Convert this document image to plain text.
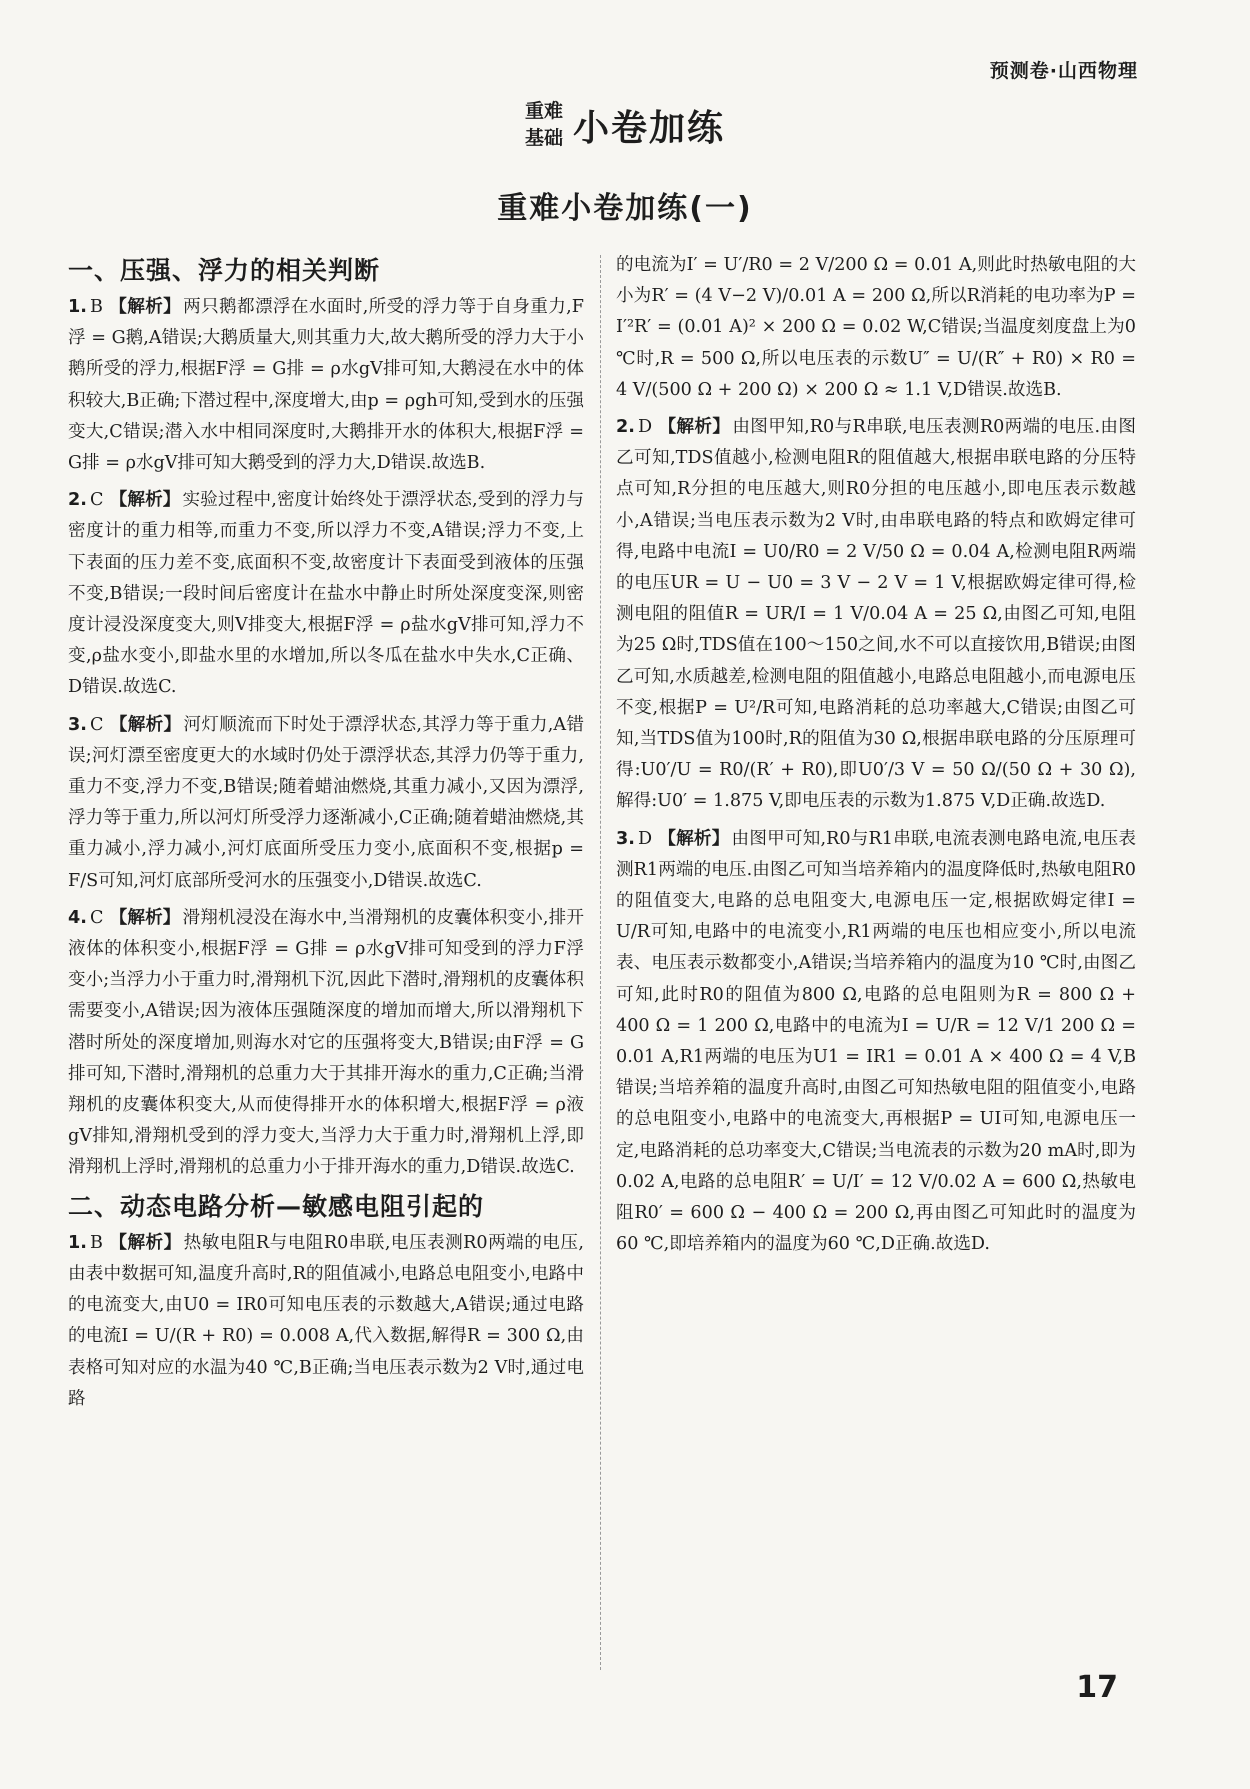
预测卷·山西物理
重难
基础 小卷加练
重难小卷加练(一)
一、压强、浮力的相关判断
1. B 【解析】 两只鹅都漂浮在水面时,所受的浮力等于自身重力,F浮 = G鹅,A错误;大鹅质量大,则其重力大,故大鹅所受的浮力大于小鹅所受的浮力,根据F浮 = G排 = ρ水gV排可知,大鹅浸在水中的体积较大,B正确;下潜过程中,深度增大,由p = ρgh可知,受到水的压强变大,C错误;潜入水中相同深度时,大鹅排开水的体积大,根据F浮 = G排 = ρ水gV排可知大鹅受到的浮力大,D错误.故选B.
2. C 【解析】 实验过程中,密度计始终处于漂浮状态,受到的浮力与密度计的重力相等,而重力不变,所以浮力不变,A错误;浮力不变,上下表面的压力差不变,底面积不变,故密度计下表面受到液体的压强不变,B错误;一段时间后密度计在盐水中静止时所处深度变深,则密度计浸没深度变大,则V排变大,根据F浮 = ρ盐水gV排可知,浮力不变,ρ盐水变小,即盐水里的水增加,所以冬瓜在盐水中失水,C正确、D错误.故选C.
3. C 【解析】 河灯顺流而下时处于漂浮状态,其浮力等于重力,A错误;河灯漂至密度更大的水域时仍处于漂浮状态,其浮力仍等于重力,重力不变,浮力不变,B错误;随着蜡油燃烧,其重力减小,又因为漂浮,浮力等于重力,所以河灯所受浮力逐渐减小,C正确;随着蜡油燃烧,其重力减小,浮力减小,河灯底面所受压力变小,底面积不变,根据p = F/S可知,河灯底部所受河水的压强变小,D错误.故选C.
4. C 【解析】 滑翔机浸没在海水中,当滑翔机的皮囊体积变小,排开液体的体积变小,根据F浮 = G排 = ρ水gV排可知受到的浮力F浮变小;当浮力小于重力时,滑翔机下沉,因此下潜时,滑翔机的皮囊体积需要变小,A错误;因为液体压强随深度的增加而增大,所以滑翔机下潜时所处的深度增加,则海水对它的压强将变大,B错误;由F浮 = G排可知,下潜时,滑翔机的总重力大于其排开海水的重力,C正确;当滑翔机的皮囊体积变大,从而使得排开水的体积增大,根据F浮 = ρ液gV排知,滑翔机受到的浮力变大,当浮力大于重力时,滑翔机上浮,即滑翔机上浮时,滑翔机的总重力小于排开海水的重力,D错误.故选C.
二、动态电路分析—敏感电阻引起的
1. B 【解析】 热敏电阻R与电阻R0串联,电压表测R0两端的电压,由表中数据可知,温度升高时,R的阻值减小,电路总电阻变小,电路中的电流变大,由U0 = IR0可知电压表的示数越大,A错误;通过电路的电流I = U/(R + R0) = 0.008 A,代入数据,解得R = 300 Ω,由表格可知对应的水温为40 ℃,B正确;当电压表示数为2 V时,通过电路
的电流为I′ = U′/R0 = 2 V/200 Ω = 0.01 A,则此时热敏电阻的大小为R′ = (4 V−2 V)/0.01 A = 200 Ω,所以R消耗的电功率为P = I′²R′ = (0.01 A)² × 200 Ω = 0.02 W,C错误;当温度刻度盘上为0 ℃时,R = 500 Ω,所以电压表的示数U″ = U/(R″ + R0) × R0 = 4 V/(500 Ω + 200 Ω) × 200 Ω ≈ 1.1 V,D错误.故选B.
2. D 【解析】 由图甲知,R0与R串联,电压表测R0两端的电压.由图乙可知,TDS值越小,检测电阻R的阻值越大,根据串联电路的分压特点可知,R分担的电压越大,则R0分担的电压越小,即电压表示数越小,A错误;当电压表示数为2 V时,由串联电路的特点和欧姆定律可得,电路中电流I = U0/R0 = 2 V/50 Ω = 0.04 A,检测电阻R两端的电压UR = U − U0 = 3 V − 2 V = 1 V,根据欧姆定律可得,检测电阻的阻值R = UR/I = 1 V/0.04 A = 25 Ω,由图乙可知,电阻为25 Ω时,TDS值在100～150之间,水不可以直接饮用,B错误;由图乙可知,水质越差,检测电阻的阻值越小,电路总电阻越小,而电源电压不变,根据P = U²/R可知,电路消耗的总功率越大,C错误;由图乙可知,当TDS值为100时,R的阻值为30 Ω,根据串联电路的分压原理可得:U0′/U = R0/(R′ + R0),即U0′/3 V = 50 Ω/(50 Ω + 30 Ω),解得:U0′ = 1.875 V,即电压表的示数为1.875 V,D正确.故选D.
3. D 【解析】 由图甲可知,R0与R1串联,电流表测电路电流,电压表测R1两端的电压.由图乙可知当培养箱内的温度降低时,热敏电阻R0的阻值变大,电路的总电阻变大,电源电压一定,根据欧姆定律I = U/R可知,电路中的电流变小,R1两端的电压也相应变小,所以电流表、电压表示数都变小,A错误;当培养箱内的温度为10 ℃时,由图乙可知,此时R0的阻值为800 Ω,电路的总电阻则为R = 800 Ω + 400 Ω = 1 200 Ω,电路中的电流为I = U/R = 12 V/1 200 Ω = 0.01 A,R1两端的电压为U1 = IR1 = 0.01 A × 400 Ω = 4 V,B错误;当培养箱的温度升高时,由图乙可知热敏电阻的阻值变小,电路的总电阻变小,电路中的电流变大,再根据P = UI可知,电源电压一定,电路消耗的总功率变大,C错误;当电流表的示数为20 mA时,即为0.02 A,电路的总电阻R′ = U/I′ = 12 V/0.02 A = 600 Ω,热敏电阻R0′ = 600 Ω − 400 Ω = 200 Ω,再由图乙可知此时的温度为60 ℃,即培养箱内的温度为60 ℃,D正确.故选D.
17
